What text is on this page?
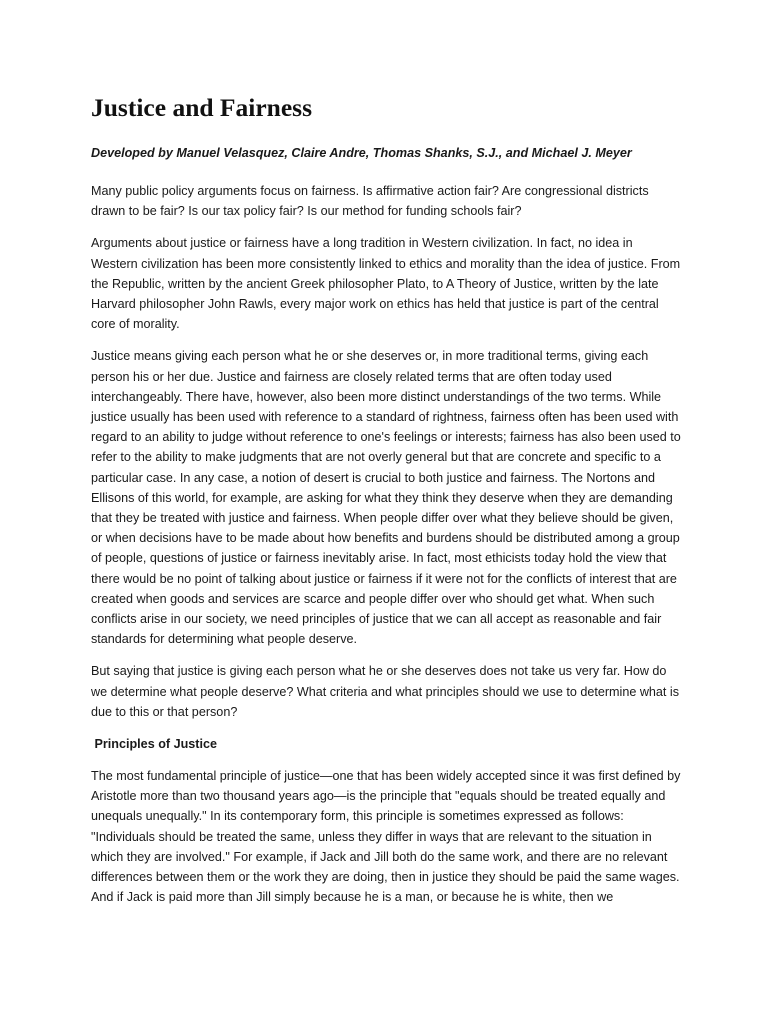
Justice and Fairness

Developed by Manuel Velasquez, Claire Andre, Thomas Shanks, S.J., and Michael J. Meyer

Many public policy arguments focus on fairness. Is affirmative action fair? Are congressional districts drawn to be fair? Is our tax policy fair? Is our method for funding schools fair?

Arguments about justice or fairness have a long tradition in Western civilization. In fact, no idea in Western civilization has been more consistently linked to ethics and morality than the idea of justice. From the Republic, written by the ancient Greek philosopher Plato, to A Theory of Justice, written by the late Harvard philosopher John Rawls, every major work on ethics has held that justice is part of the central core of morality.

Justice means giving each person what he or she deserves or, in more traditional terms, giving each person his or her due. Justice and fairness are closely related terms that are often today used interchangeably. There have, however, also been more distinct understandings of the two terms. While justice usually has been used with reference to a standard of rightness, fairness often has been used with regard to an ability to judge without reference to one's feelings or interests; fairness has also been used to refer to the ability to make judgments that are not overly general but that are concrete and specific to a particular case. In any case, a notion of desert is crucial to both justice and fairness. The Nortons and Ellisons of this world, for example, are asking for what they think they deserve when they are demanding that they be treated with justice and fairness. When people differ over what they believe should be given, or when decisions have to be made about how benefits and burdens should be distributed among a group of people, questions of justice or fairness inevitably arise. In fact, most ethicists today hold the view that there would be no point of talking about justice or fairness if it were not for the conflicts of interest that are created when goods and services are scarce and people differ over who should get what. When such conflicts arise in our society, we need principles of justice that we can all accept as reasonable and fair standards for determining what people deserve.

But saying that justice is giving each person what he or she deserves does not take us very far. How do we determine what people deserve? What criteria and what principles should we use to determine what is due to this or that person?

Principles of Justice

The most fundamental principle of justice—one that has been widely accepted since it was first defined by Aristotle more than two thousand years ago—is the principle that "equals should be treated equally and unequals unequally." In its contemporary form, this principle is sometimes expressed as follows: "Individuals should be treated the same, unless they differ in ways that are relevant to the situation in which they are involved." For example, if Jack and Jill both do the same work, and there are no relevant differences between them or the work they are doing, then in justice they should be paid the same wages. And if Jack is paid more than Jill simply because he is a man, or because he is white, then we
